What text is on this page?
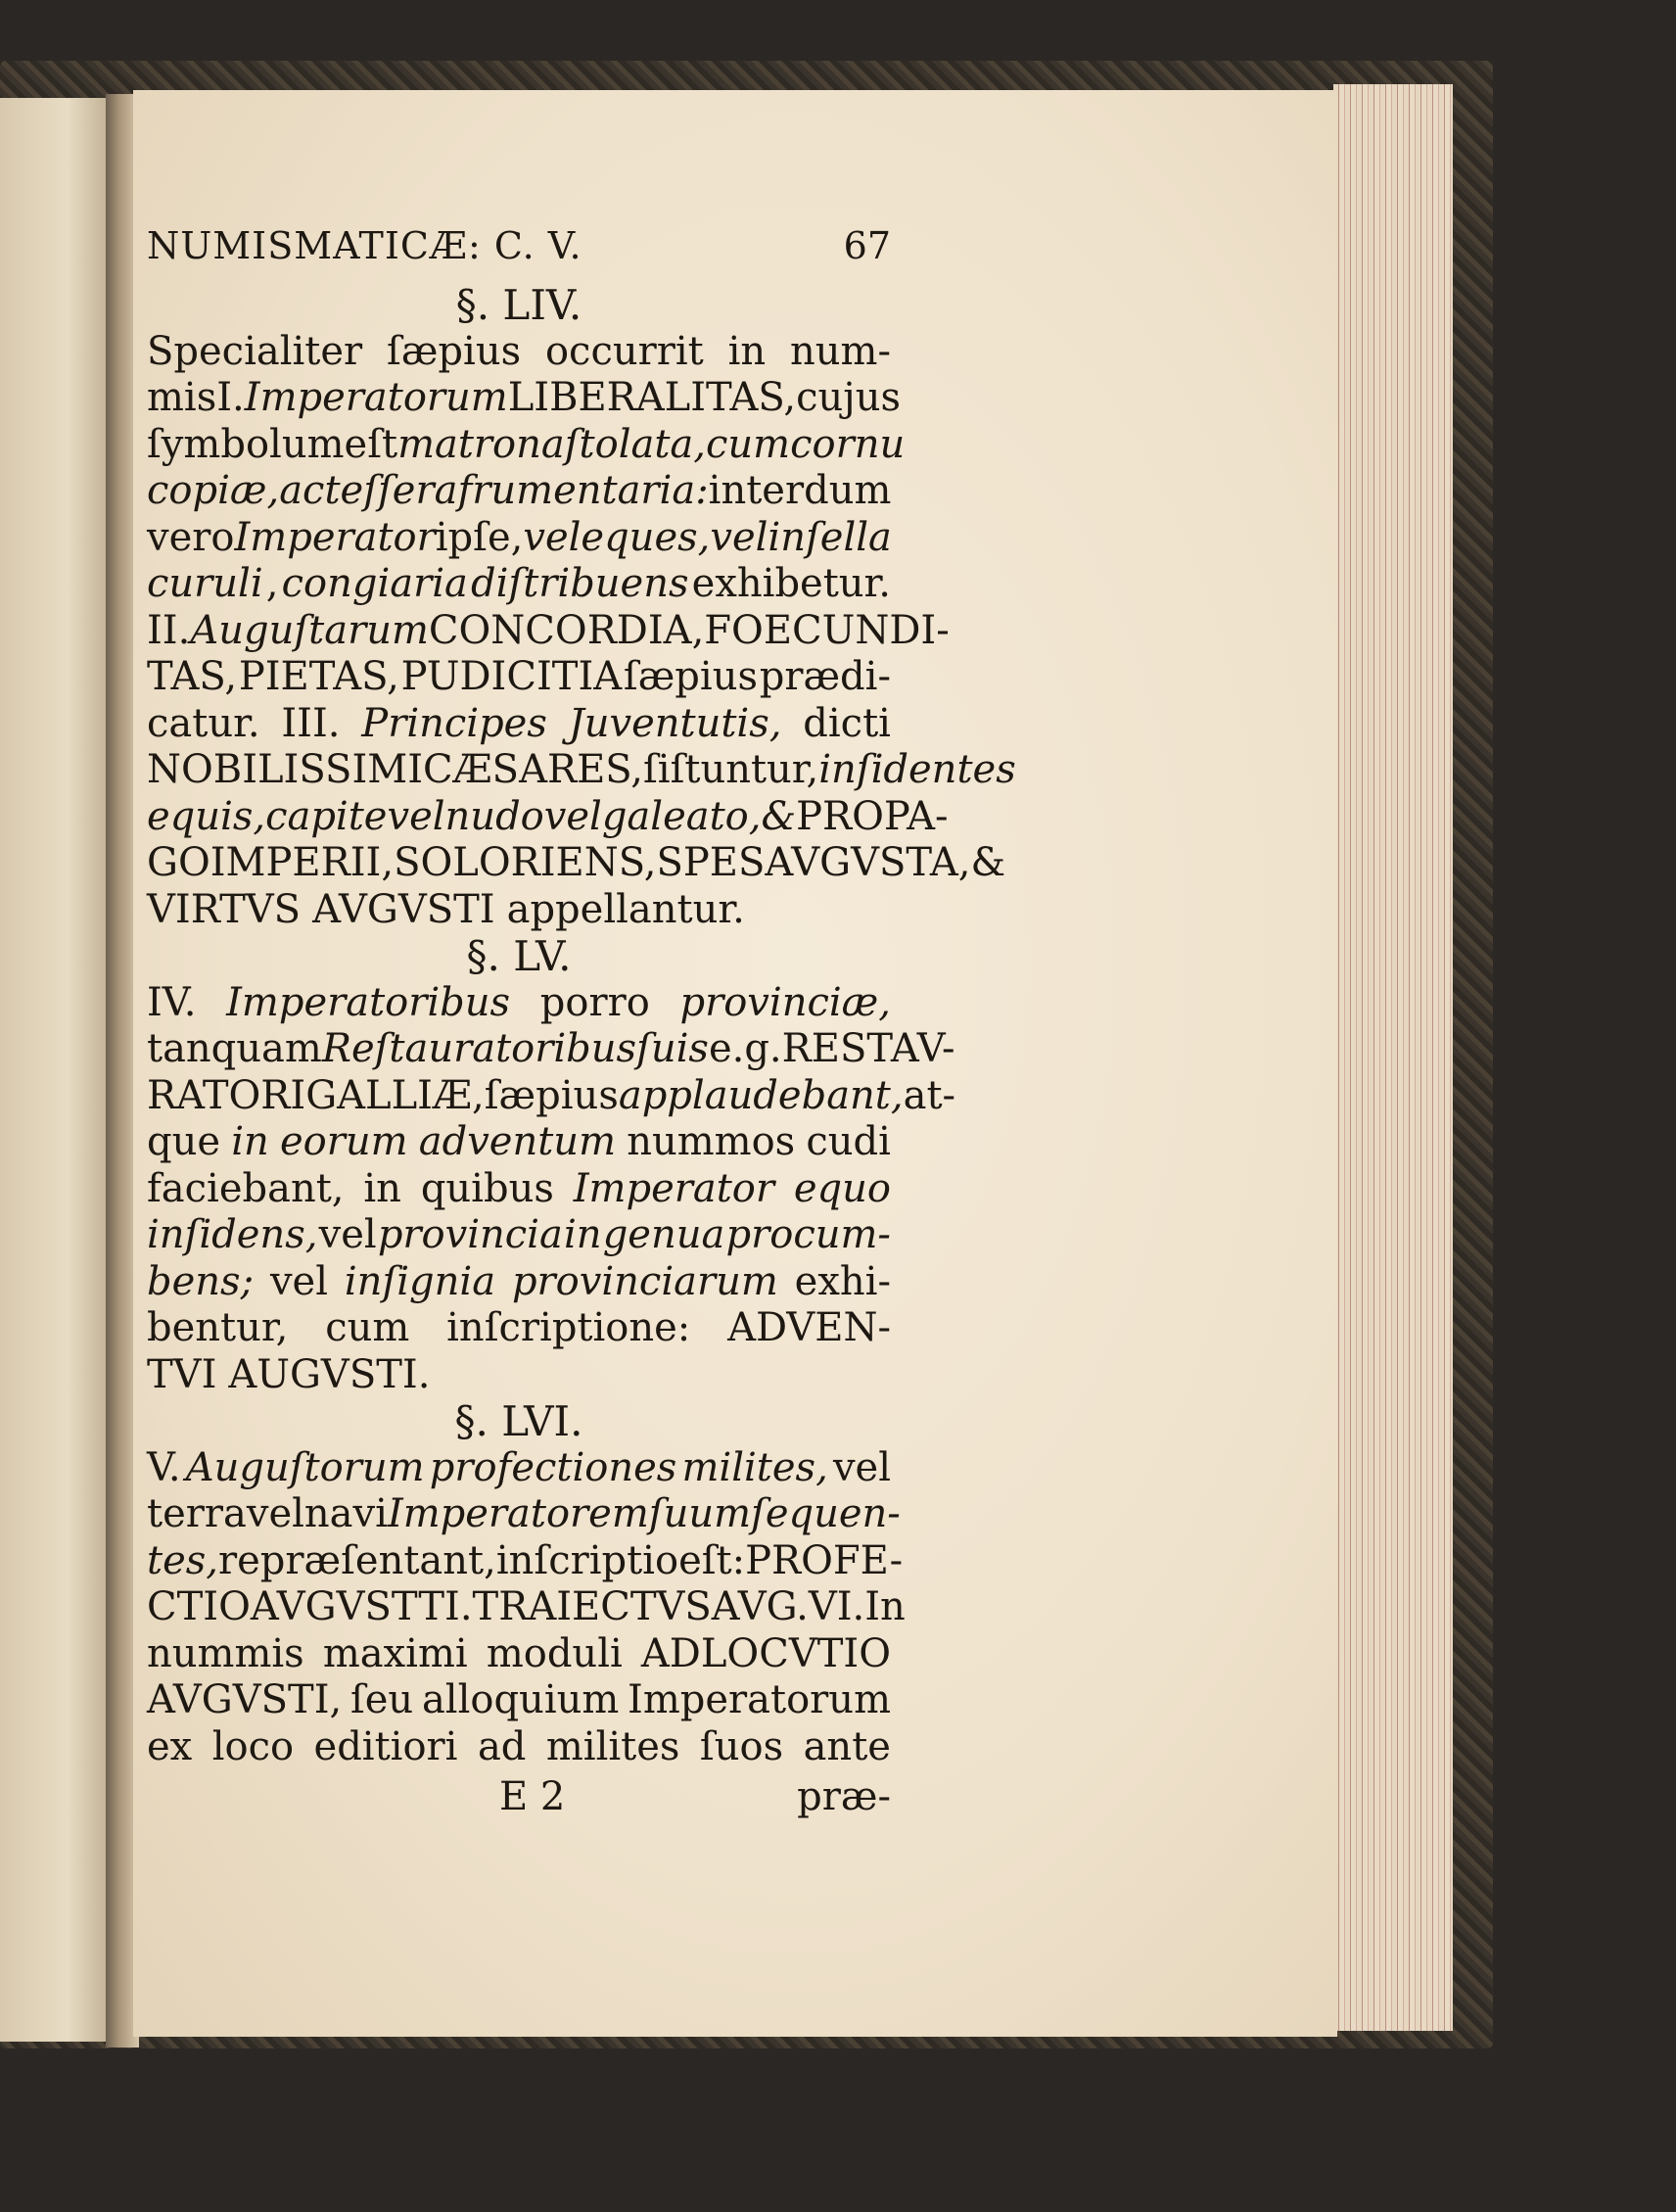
NUMISMATICÆ: C. V.	67
§. LIV.
Specialiter ſæpius occurrit in num-
mis I. Imperatorum LIBERALITAS, cujus
ſymbolum eſt matrona ſtolata, cum cornu
copiæ, ac teſſera frumentaria: interdum
vero Imperator ipſe, vel eques, vel in ſella
curuli , congiaria diſtribuens exhibetur.
II. Auguſtarum CONCORDIA, FOECUNDI-
TAS, PIETAS, PUDICITIA ſæpius prædi-
catur. III. Principes Juventutis, dicti
NOBILISSIMI CÆSARES, ſiſtuntur, inſidentes
equis, capite vel nudo vel galeato, & PROPA-
GO IMPERII, SOL ORIENS, SPES AVGVSTA, &
VIRTVS AVGVSTI appellantur.
§. LV.
IV. Imperatoribus porro provinciæ,
tanquam Reſtauratoribus ſuis e.g. RESTAV-
RATORI GALLIÆ, ſæpius applaudebant, at-
que in eorum adventum nummos cudi
faciebant, in quibus Imperator equo
inſidens, vel provincia in genua procum-
bens; vel inſignia provinciarum exhi-
bentur, cum inſcriptione: ADVEN-
TVI AUGVSTI.
§. LVI.
V. Auguſtorum profectiones milites, vel
terra vel navi Imperatorem ſuum ſequen-
tes, repræſentant, inſcriptio eſt: PROFE-
CTIO AVGVSTTI. TRAIECTVS AVG. VI. In
nummis maximi moduli ADLOCVTIO
AVGVSTI, ſeu alloquium Imperatorum
ex loco editiori ad milites ſuos ante
E 2	præ-
